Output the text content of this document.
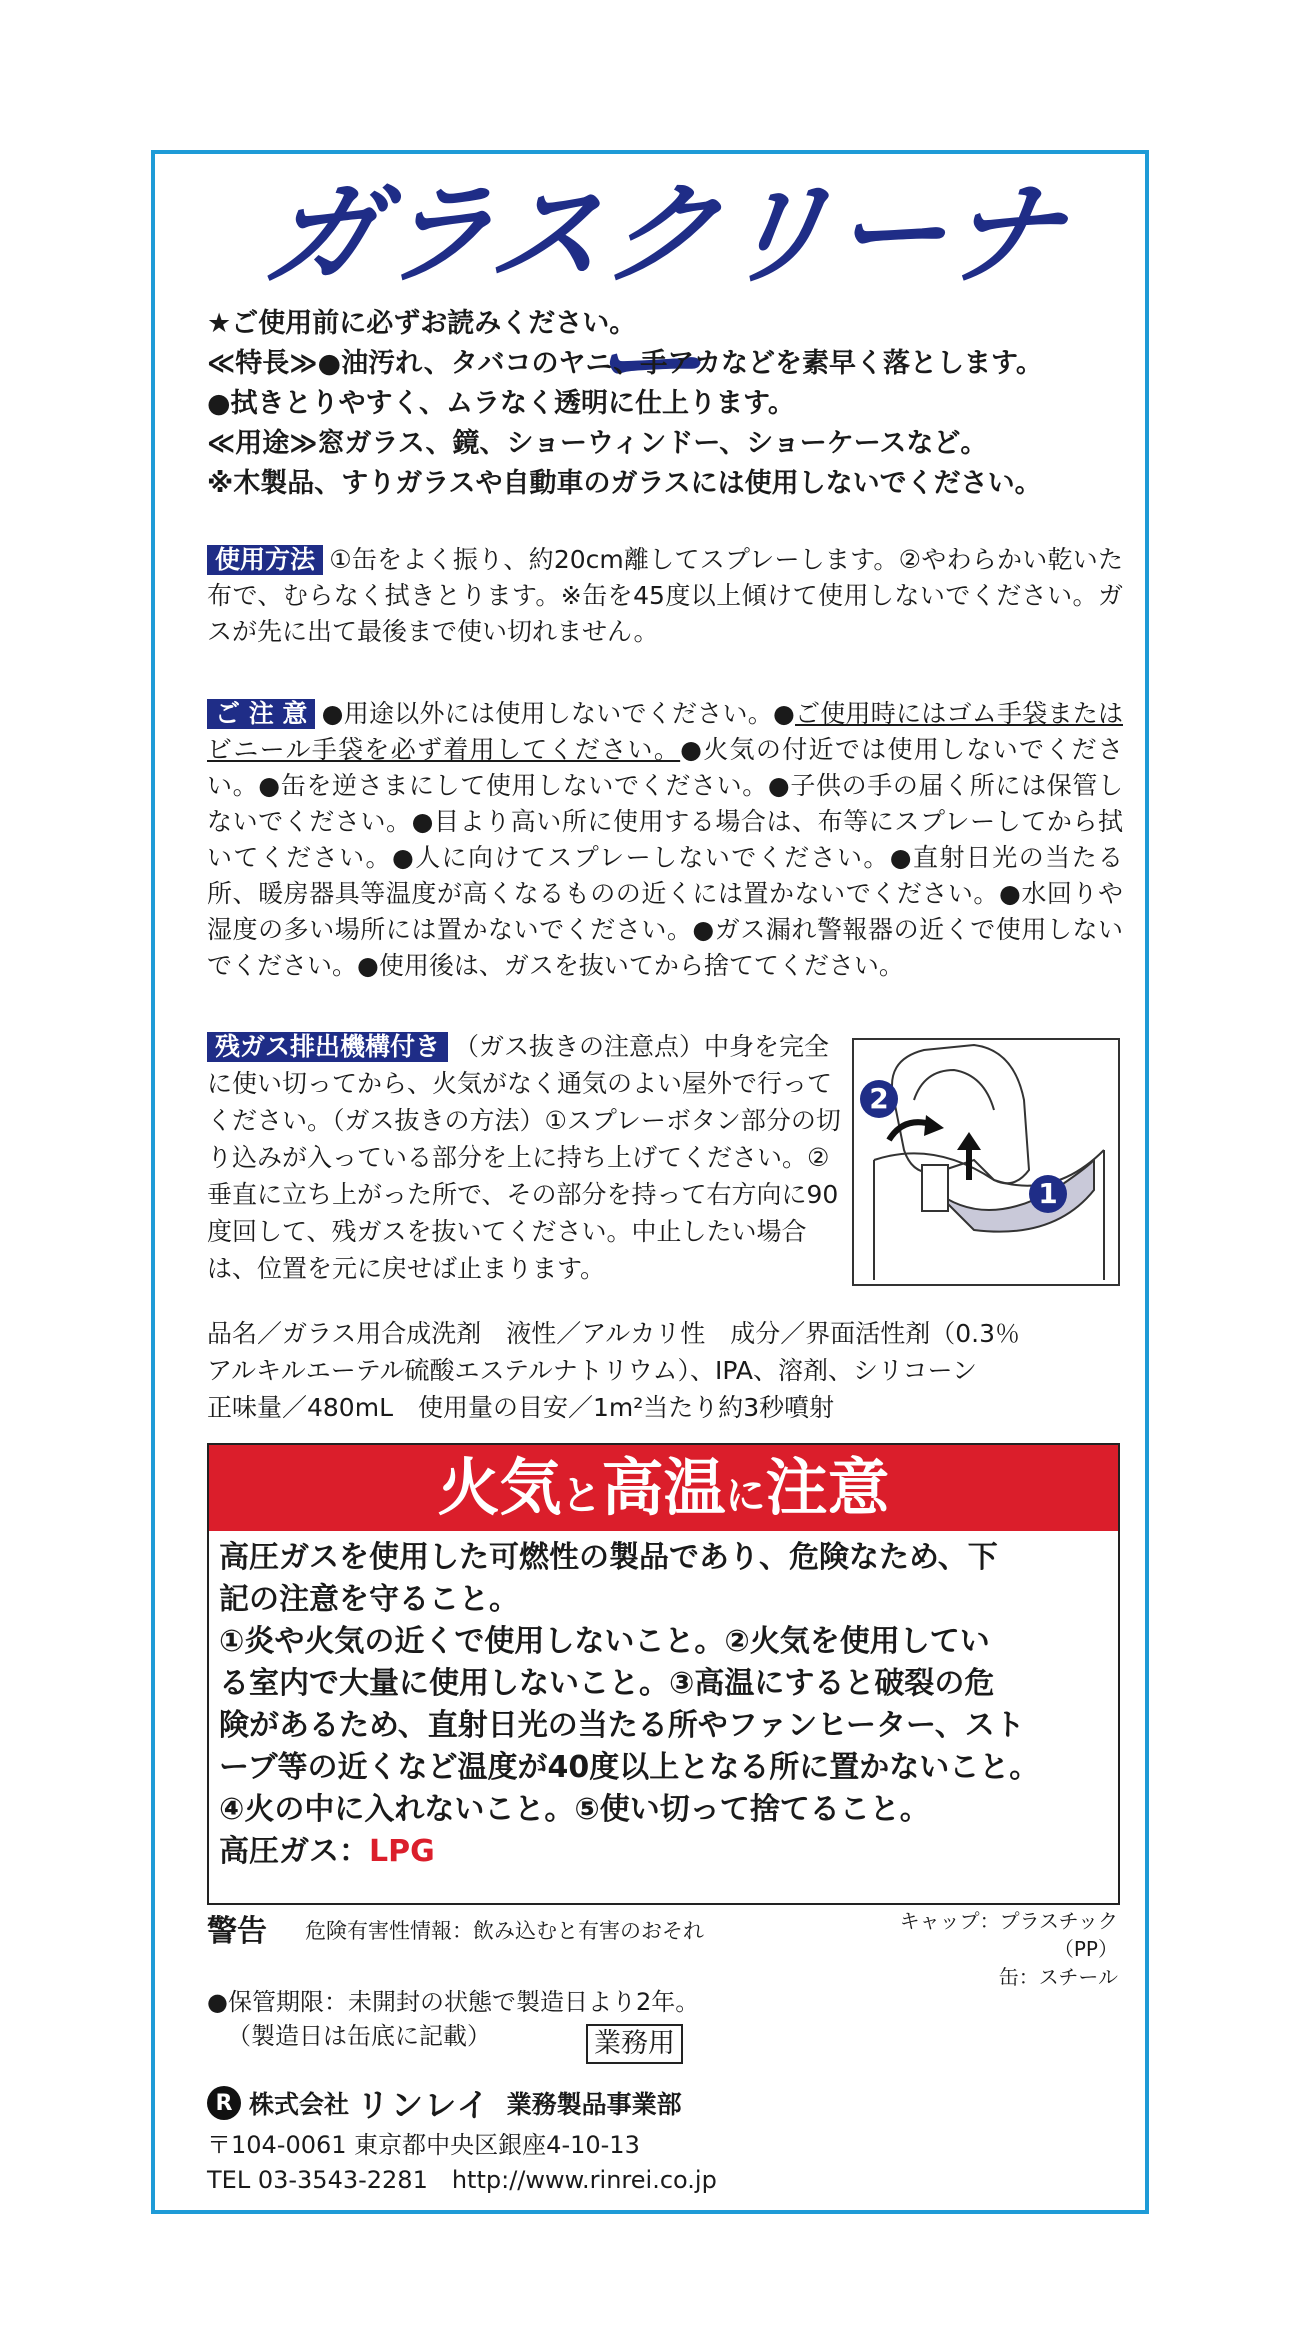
ガラスクリーナー
★ご使用前に必ずお読みください。
≪特長≫●油汚れ、タバコのヤニ、手アカなどを素早く落とします。
●拭きとりやすく、ムラなく透明に仕上ります。
≪用途≫窓ガラス、鏡、ショーウィンドー、ショーケースなど。
※木製品、すりガラスや自動車のガラスには使用しないでください。
使用方法 ①缶をよく振り、約20cm離してスプレーします。②やわらかい乾いた布で、むらなく拭きとります。※缶を45度以上傾けて使用しないでください。ガスが先に出て最後まで使い切れません。
ご 注 意 ●用途以外には使用しないでください。●ご使用時にはゴム手袋またはビニール手袋を必ず着用してください。●火気の付近では使用しないでください。●缶を逆さまにして使用しないでください。●子供の手の届く所には保管しないでください。●目より高い所に使用する場合は、布等にスプレーしてから拭いてください。●人に向けてスプレーしないでください。●直射日光の当たる所、暖房器具等温度が高くなるものの近くには置かないでください。●水回りや湿度の多い場所には置かないでください。●ガス漏れ警報器の近くで使用しないでください。●使用後は、ガスを抜いてから捨ててください。
残ガス排出機構付き （ガス抜きの注意点）中身を完全に使い切ってから、火気がなく通気のよい屋外で行ってください。（ガス抜きの方法）①スプレーボタン部分の切り込みが入っている部分を上に持ち上げてください。②垂直に立ち上がった所で、その部分を持って右方向に90度回して、残ガスを抜いてください。中止したい場合は、位置を元に戻せば止まります。
2
1
品名／ガラス用合成洗剤　液性／アルカリ性　成分／界面活性剤（0.3％
アルキルエーテル硫酸エステルナトリウム）、IPA、溶剤、シリコーン
正味量／480mL　使用量の目安／1m²当たり約3秒噴射
火気と高温に注意
高圧ガスを使用した可燃性の製品であり、危険なため、下
記の注意を守ること。
①炎や火気の近くで使用しないこと。②火気を使用してい
る室内で大量に使用しないこと。③高温にすると破裂の危
険があるため、直射日光の当たる所やファンヒーター、スト
ーブ等の近くなど温度が40度以上となる所に置かないこと。
④火の中に入れないこと。⑤使い切って捨てること。
高圧ガス：LPG
警告 危険有害性情報：飲み込むと有害のおそれ	キャップ：プラスチック（PP）
缶：スチール
●保管期限：未開封の状態で製造日より2年。
（製造日は缶底に記載）	業務用
R 株式会社 リンレイ 業務製品事業部
〒104-0061 東京都中央区銀座4-10-13
TEL 03-3543-2281　http://www.rinrei.co.jp
